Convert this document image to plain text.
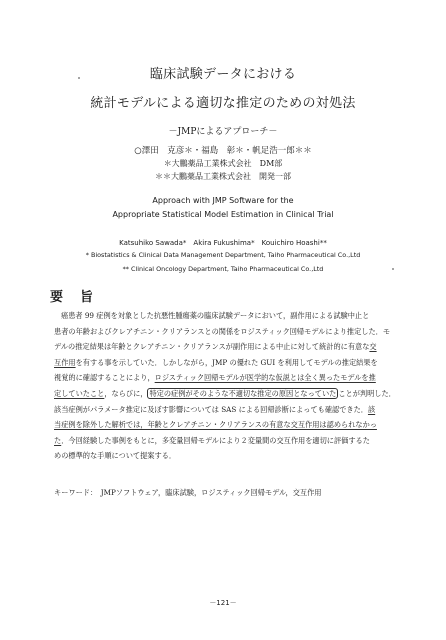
臨床試験データにおける
統計モデルによる適切な推定のための対処法
－JMPによるアプローチ－
○澤田　克彦＊・福島　彰＊・帆足浩一郎＊＊
＊大鵬薬品工業株式会社　DM部
＊＊大鵬薬品工業株式会社　開発一部
Approach with JMP Software for the
Appropriate Statistical Model Estimation in Clinical Trial
Katsuhiko Sawada*　Akira Fukushima*　Kouichiro Hoashi**
* Biostatistics & Clinical Data Management Department, Taiho Pharmaceutical Co.,Ltd
** Clinical Oncology Department, Taiho Pharmaceutical Co.,Ltd
要　旨
癌患者 99 症例を対象とした抗悪性腫瘍薬の臨床試験データにおいて，副作用による試験中止と
患者の年齢およびクレアチニン・クリアランスとの関係をロジスティック回帰モデルにより推定した．モ
デルの推定結果は年齢とクレアチニン・クリアランスが副作用による中止に対して統計的に有意な交
互作用を有する事を示していた．しかしながら，JMP の優れた GUI を利用してモデルの推定結果を
視覚的に確認することにより，ロジスティック回帰モデルが医学的な仮説とは全く異ったモデルを推
定していたこと，ならびに， 特定の症例がそのような不適切な推定の原因となっていた ことが判明した．
該当症例がパラメータ推定に及ぼす影響については SAS による回帰診断によっても確認できた．該
当症例を除外した解析では，年齢とクレアチニン・クリアランスの有意な交互作用は認められなかっ
た．今回経験した事例をもとに，多変量回帰モデルにより２変量間の交互作用を適切に評価するた
めの標準的な手順について提案する．
キーワード：　JMPソフトウェア，臨床試験，ロジスティック回帰モデル，交互作用
－121－
